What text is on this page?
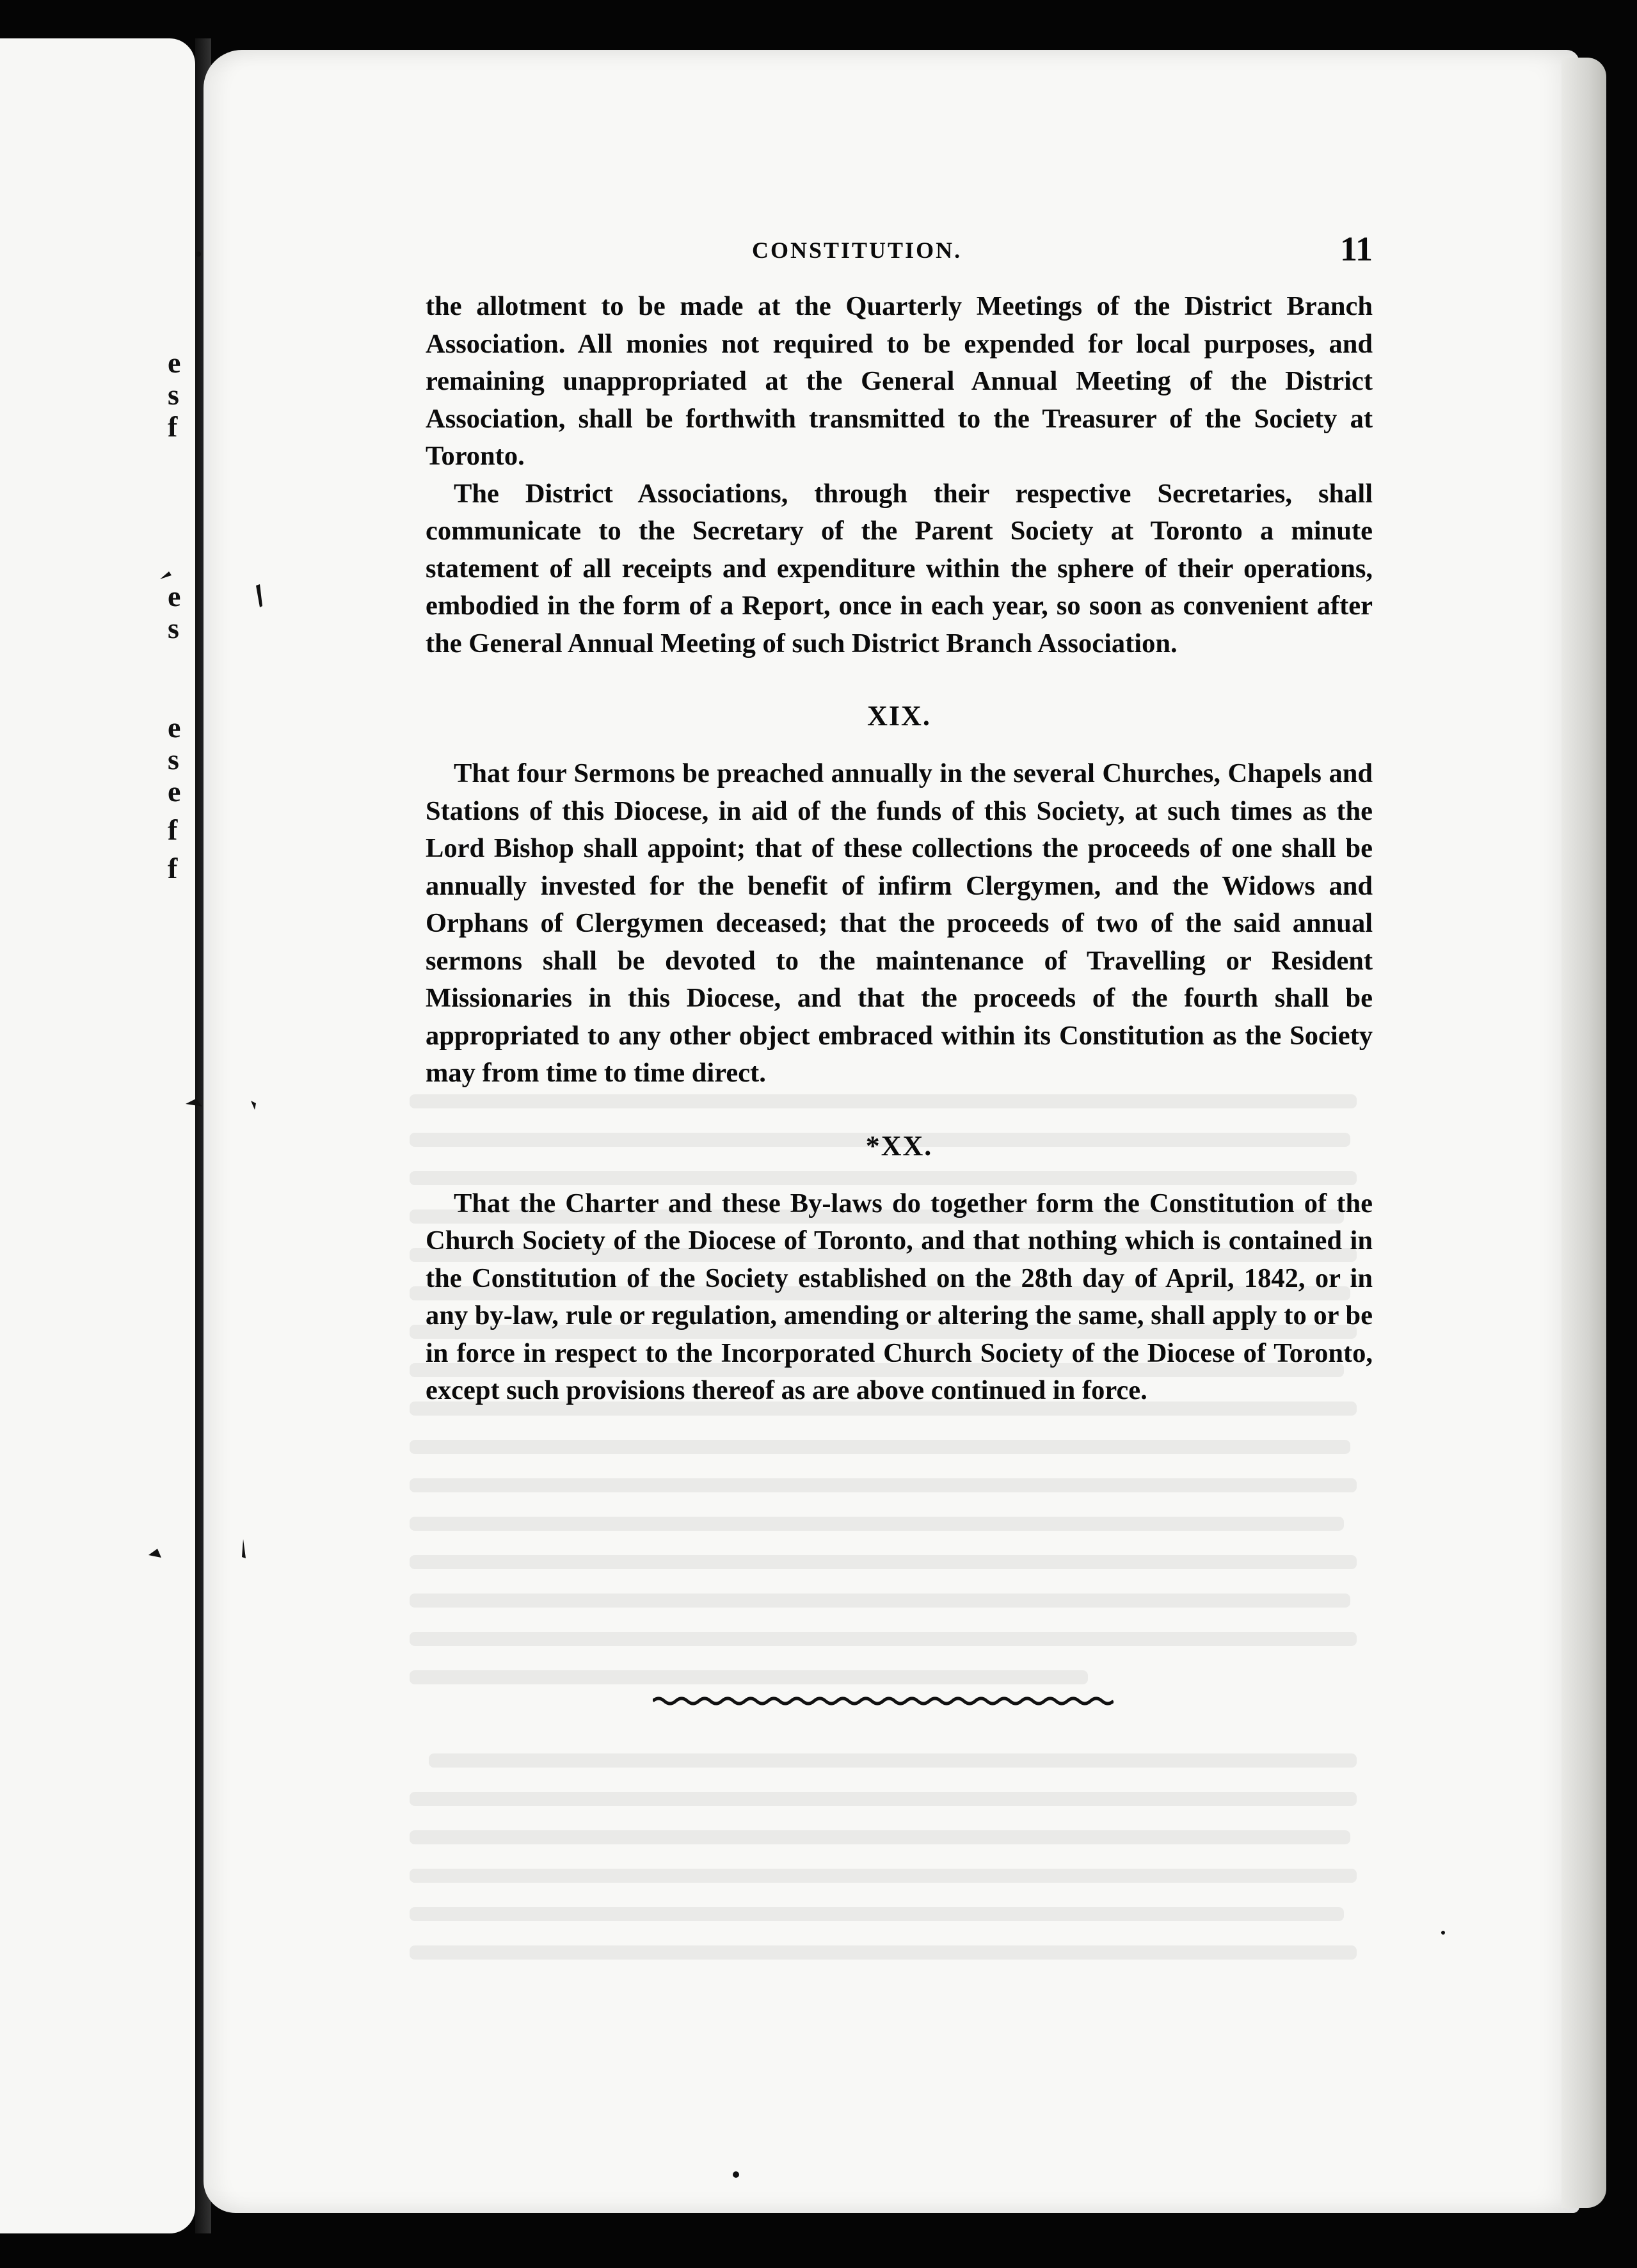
e
s
f
e
s
e
s
e
f
f
CONSTITUTION.	11

the allotment to be made at the Quarterly Meetings of the District Branch Association. All monies not required to be expended for local purposes, and remaining unappropriated at the General Annual Meeting of the District Association, shall be forthwith transmitted to the Treasurer of the Society at Toronto.

The District Associations, through their respective Secretaries, shall communicate to the Secretary of the Parent Society at Toronto a minute statement of all receipts and expenditure within the sphere of their operations, embodied in the form of a Report, once in each year, so soon as convenient after the General Annual Meeting of such District Branch Association.

XIX.

That four Sermons be preached annually in the several Churches, Chapels and Stations of this Diocese, in aid of the funds of this Society, at such times as the Lord Bishop shall appoint; that of these collections the proceeds of one shall be annually invested for the benefit of infirm Clergymen, and the Widows and Orphans of Clergymen deceased; that the proceeds of two of the said annual sermons shall be devoted to the maintenance of Travelling or Resident Missionaries in this Diocese, and that the proceeds of the fourth shall be appropriated to any other object embraced within its Constitution as the Society may from time to time direct.

*XX.

That the Charter and these By-laws do together form the Constitution of the Church Society of the Diocese of Toronto, and that nothing which is contained in the Constitution of the Society established on the 28th day of April, 1842, or in any by-law, rule or regulation, amending or altering the same, shall apply to or be in force in respect to the Incorporated Church Society of the Diocese of Toronto, except such provisions thereof as are above continued in force.
